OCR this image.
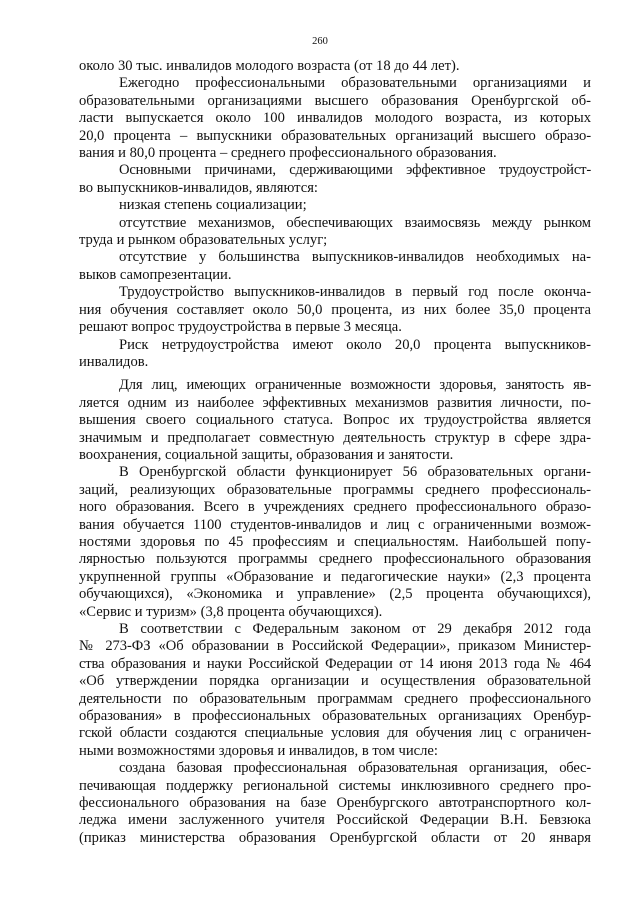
260

около 30 тыс. инвалидов молодого возраста (от 18 до 44 лет).

Ежегодно профессиональными образовательными организациями и
образовательными организациями высшего образования Оренбургской об-
ласти выпускается около 100 инвалидов молодого возраста, из которых
20,0 процента – выпускники образовательных организаций высшего образо-
вания и 80,0 процента – среднего профессионального образования.

Основными причинами, сдерживающими эффективное трудоустройст-
во выпускников-инвалидов, являются:

низкая степень социализации;

отсутствие механизмов, обеспечивающих взаимосвязь между рынком
труда и рынком образовательных услуг;

отсутствие у большинства выпускников-инвалидов необходимых на-
выков самопрезентации.

Трудоустройство выпускников-инвалидов в первый год после оконча-
ния обучения составляет около 50,0 процента, из них более 35,0 процента
решают вопрос трудоустройства в первые 3 месяца.

Риск нетрудоустройства имеют около 20,0 процента выпускников-
инвалидов.

Для лиц, имеющих ограниченные возможности здоровья, занятость яв-
ляется одним из наиболее эффективных механизмов развития личности, по-
вышения своего социального статуса. Вопрос их трудоустройства является
значимым и предполагает совместную деятельность структур в сфере здра-
воохранения, социальной защиты, образования и занятости.

В Оренбургской области функционирует 56 образовательных органи-
заций, реализующих образовательные программы среднего профессиональ-
ного образования. Всего в учреждениях среднего профессионального образо-
вания обучается 1100 студентов-инвалидов и лиц с ограниченными возмож-
ностями здоровья по 45 профессиям и специальностям. Наибольшей попу-
лярностью пользуются программы среднего профессионального образования
укрупненной группы «Образование и педагогические науки» (2,3 процента
обучающихся), «Экономика и управление» (2,5 процента обучающихся),
«Сервис и туризм» (3,8 процента обучающихся).

В соответствии с Федеральным законом от 29 декабря 2012 года
№ 273-ФЗ «Об образовании в Российской Федерации», приказом Министер-
ства образования и науки Российской Федерации от 14 июня 2013 года № 464
«Об утверждении порядка организации и осуществления образовательной
деятельности по образовательным программам среднего профессионального
образования» в профессиональных образовательных организациях Оренбур-
гской области создаются специальные условия для обучения лиц с ограничен-
ными возможностями здоровья и инвалидов, в том числе:

создана базовая профессиональная образовательная организация, обес-
печивающая поддержку региональной системы инклюзивного среднего про-
фессионального образования на базе Оренбургского автотранспортного кол-
леджа имени заслуженного учителя Российской Федерации В.Н. Бевзюка
(приказ министерства образования Оренбургской области от 20 января
